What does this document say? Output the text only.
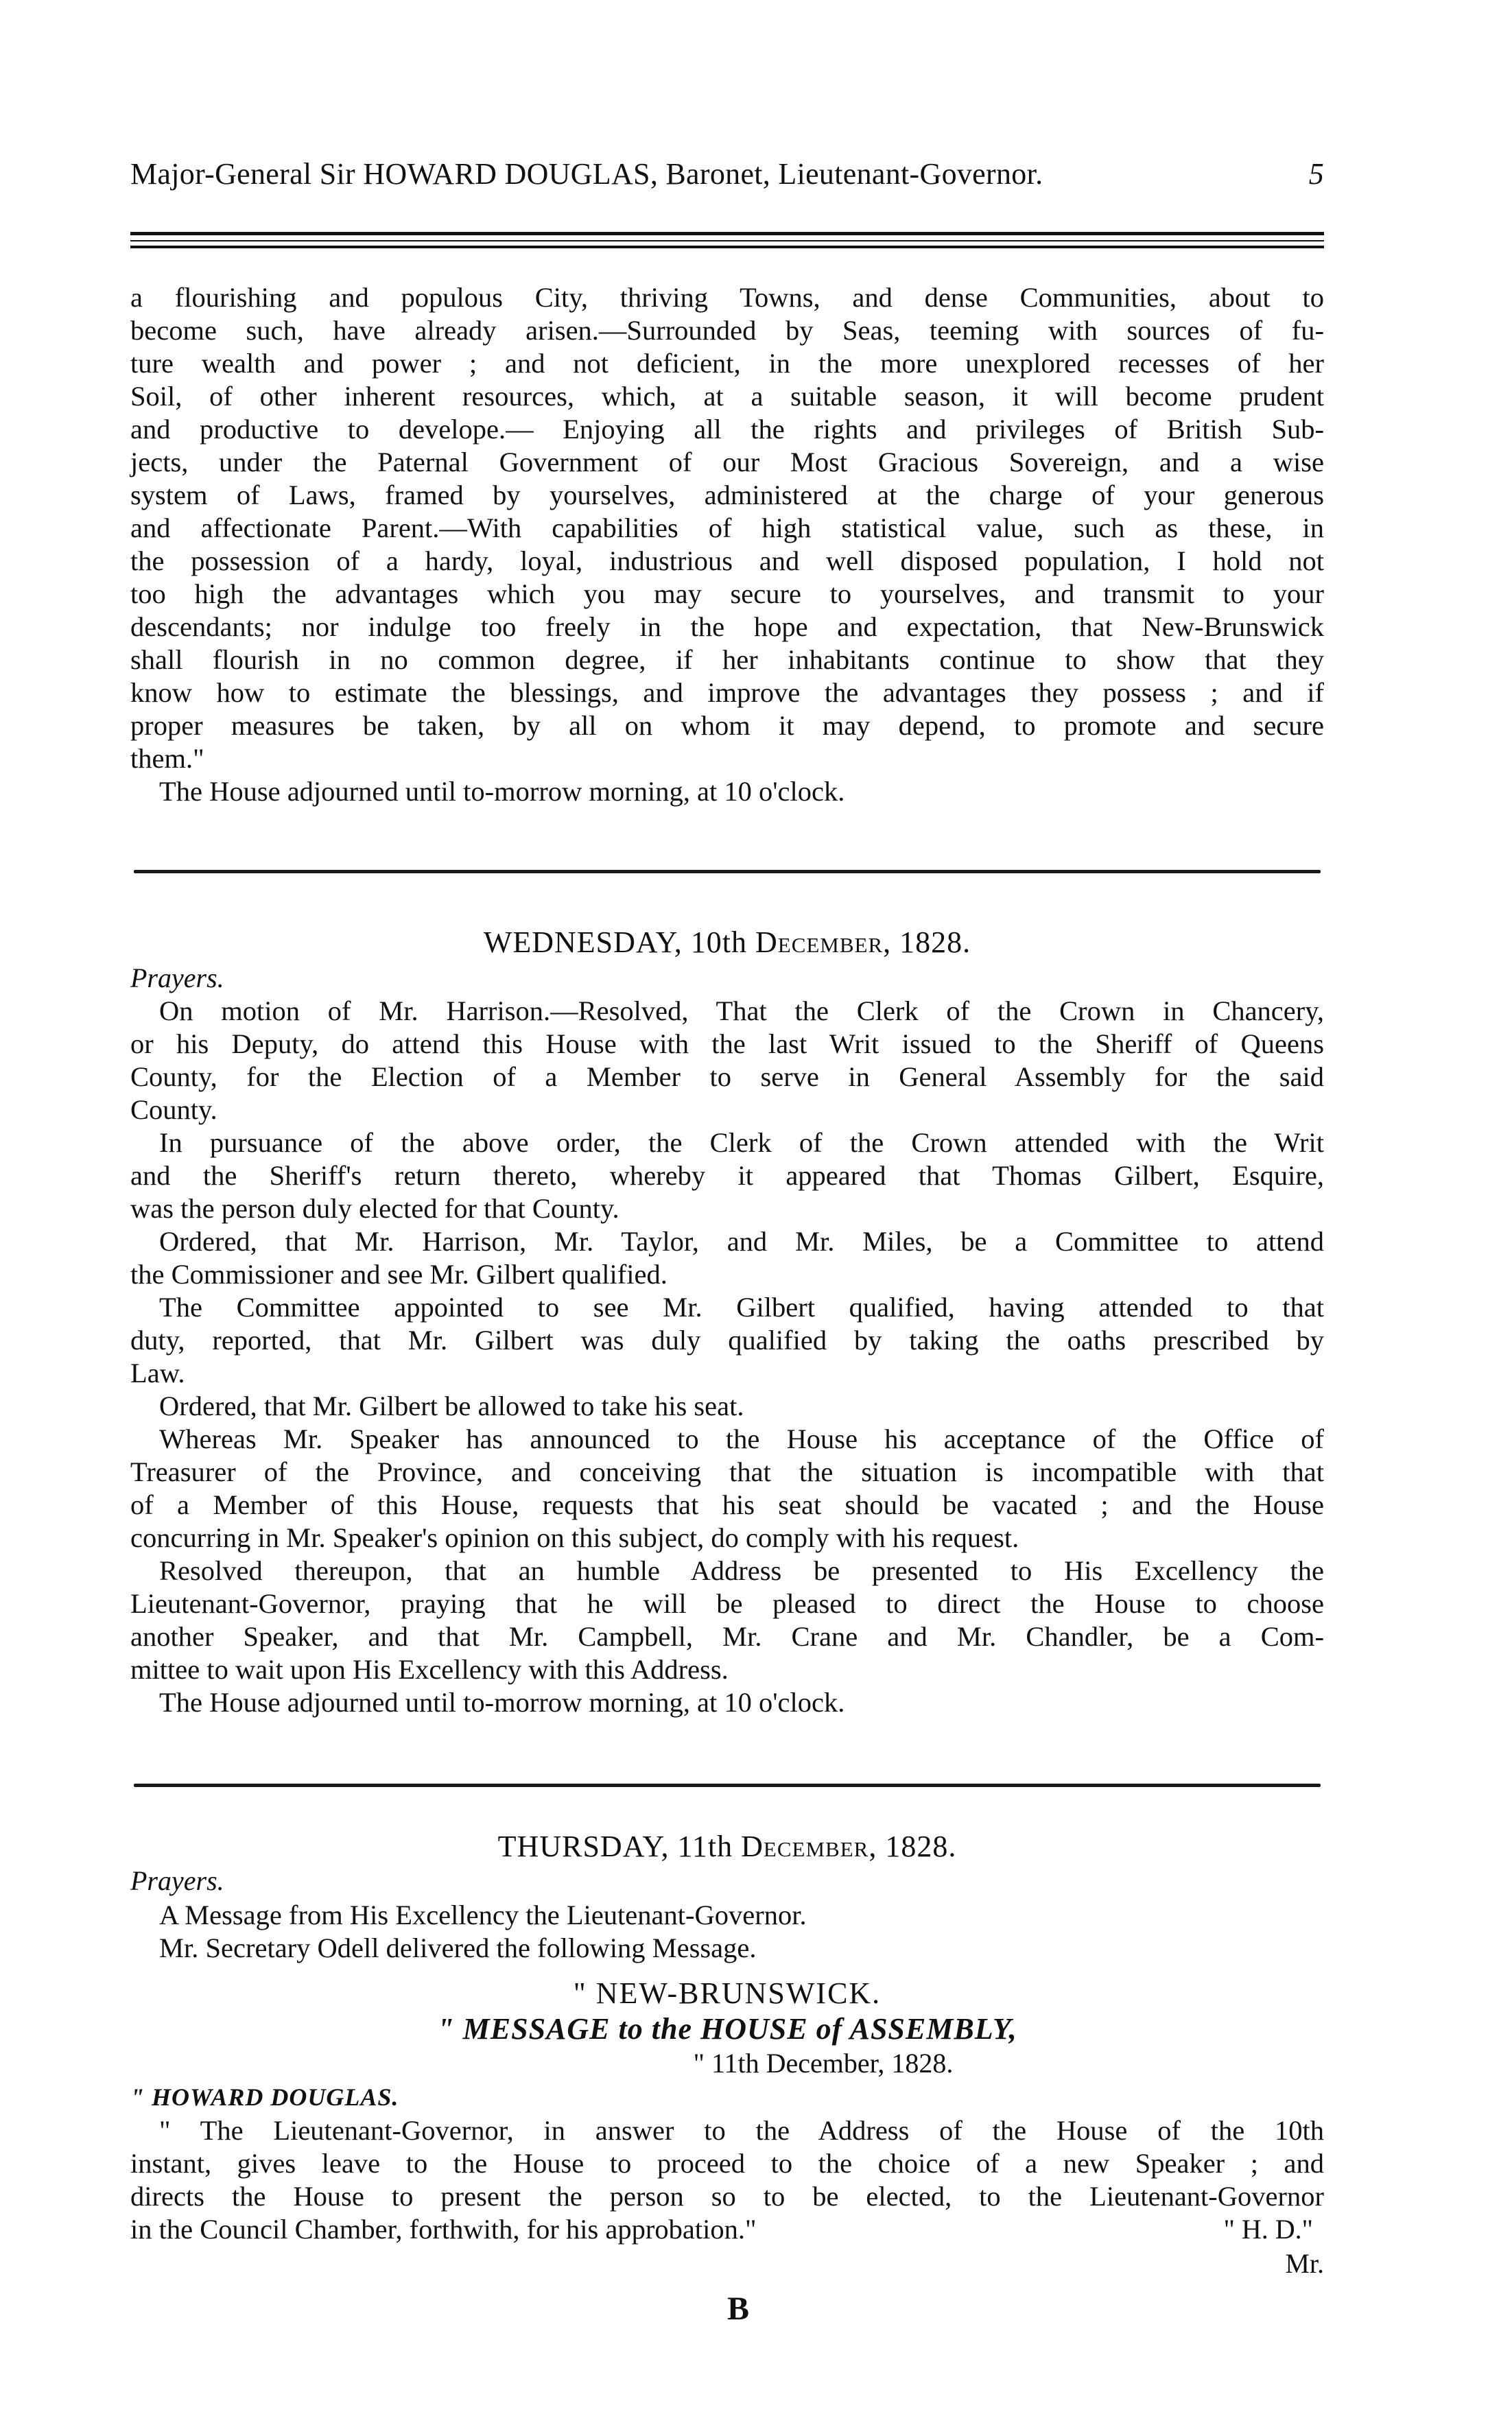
Major-General Sir HOWARD DOUGLAS, Baronet, Lieutenant-Governor.	5
a flourishing and populous City, thriving Towns, and dense Communities, about to
become such, have already arisen.—Surrounded by Seas, teeming with sources of fu-
ture wealth and power ; and not deficient, in the more unexplored recesses of her
Soil, of other inherent resources, which, at a suitable season, it will become prudent
and productive to develope.— Enjoying all the rights and privileges of British Sub-
jects, under the Paternal Government of our Most Gracious Sovereign, and a wise
system of Laws, framed by yourselves, administered at the charge of your generous
and affectionate Parent.—With capabilities of high statistical value, such as these, in
the possession of a hardy, loyal, industrious and well disposed population, I hold not
too high the advantages which you may secure to yourselves, and transmit to your
descendants; nor indulge too freely in the hope and expectation, that New-Brunswick
shall flourish in no common degree, if her inhabitants continue to show that they
know how to estimate the blessings, and improve the advantages they possess ; and if
proper measures be taken, by all on whom it may depend, to promote and secure
them."
The House adjourned until to-morrow morning, at 10 o'clock.
WEDNESDAY, 10th December, 1828.
Prayers.
On motion of Mr. Harrison.—Resolved, That the Clerk of the Crown in Chancery,
or his Deputy, do attend this House with the last Writ issued to the Sheriff of Queens
County, for the Election of a Member to serve in General Assembly for the said
County.
In pursuance of the above order, the Clerk of the Crown attended with the Writ
and the Sheriff's return thereto, whereby it appeared that Thomas Gilbert, Esquire,
was the person duly elected for that County.
Ordered, that Mr. Harrison, Mr. Taylor, and Mr. Miles, be a Committee to attend
the Commissioner and see Mr. Gilbert qualified.
The Committee appointed to see Mr. Gilbert qualified, having attended to that
duty, reported, that Mr. Gilbert was duly qualified by taking the oaths prescribed by
Law.
Ordered, that Mr. Gilbert be allowed to take his seat.
Whereas Mr. Speaker has announced to the House his acceptance of the Office of
Treasurer of the Province, and conceiving that the situation is incompatible with that
of a Member of this House, requests that his seat should be vacated ; and the House
concurring in Mr. Speaker's opinion on this subject, do comply with his request.
Resolved thereupon, that an humble Address be presented to His Excellency the
Lieutenant-Governor, praying that he will be pleased to direct the House to choose
another Speaker, and that Mr. Campbell, Mr. Crane and Mr. Chandler, be a Com-
mittee to wait upon His Excellency with this Address.
The House adjourned until to-morrow morning, at 10 o'clock.
THURSDAY, 11th December, 1828.
Prayers.
A Message from His Excellency the Lieutenant-Governor.
Mr. Secretary Odell delivered the following Message.
" NEW-BRUNSWICK.
" MESSAGE to the HOUSE of ASSEMBLY,
" 11th December, 1828.
" HOWARD DOUGLAS.
" The Lieutenant-Governor, in answer to the Address of the House of the 10th
instant, gives leave to the House to proceed to the choice of a new Speaker ; and
directs the House to present the person so to be elected, to the Lieutenant-Governor
in the Council Chamber, forthwith, for his approbation."	" H. D."
Mr.
B
